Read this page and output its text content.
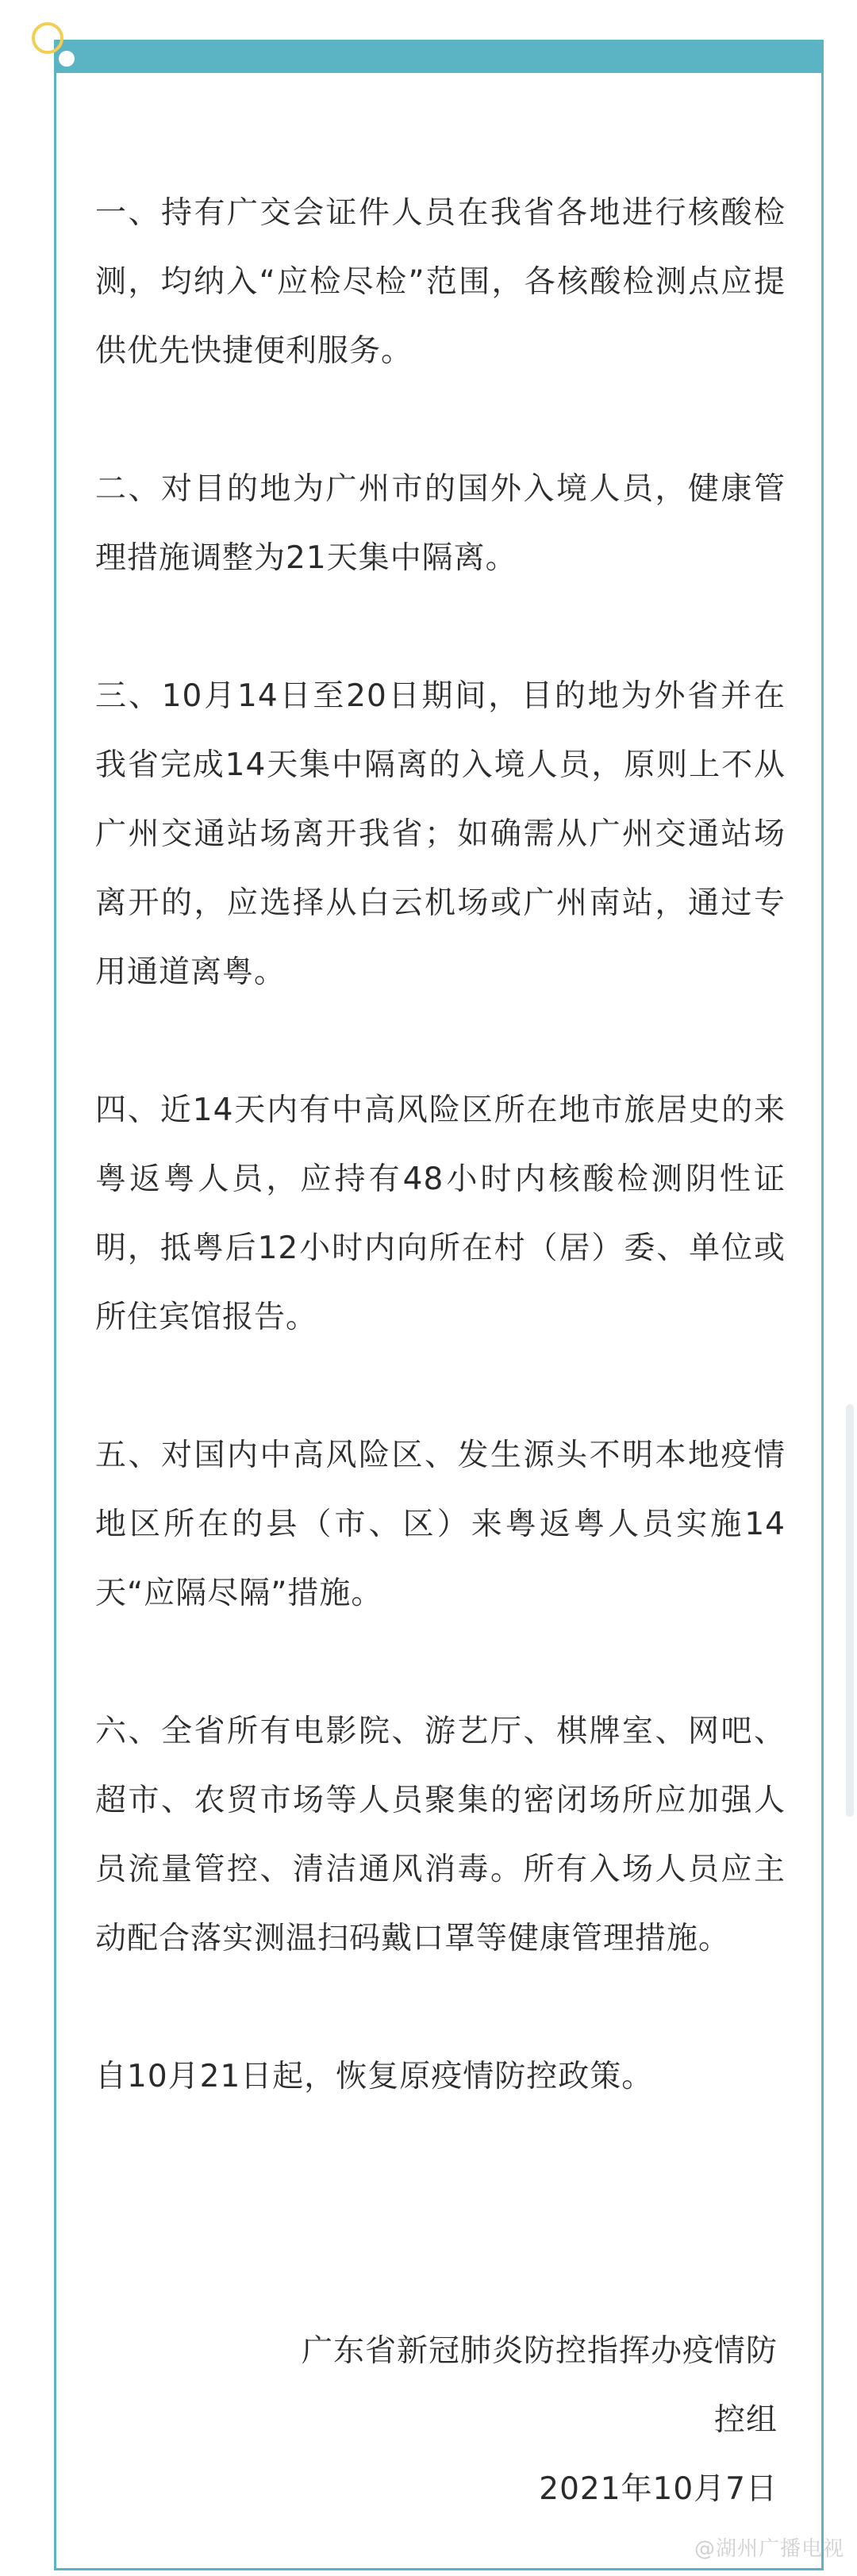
一、持有广交会证件人员在我省各地进行核酸检测，均纳入“应检尽检”范围，各核酸检测点应提供优先快捷便利服务。

二、对目的地为广州市的国外入境人员，健康管理措施调整为21天集中隔离。

三、10月14日至20日期间，目的地为外省并在我省完成14天集中隔离的入境人员，原则上不从广州交通站场离开我省；如确需从广州交通站场离开的，应选择从白云机场或广州南站，通过专用通道离粤。

四、近14天内有中高风险区所在地市旅居史的来粤返粤人员，应持有48小时内核酸检测阴性证明，抵粤后12小时内向所在村（居）委、单位或所住宾馆报告。

五、对国内中高风险区、发生源头不明本地疫情地区所在的县（市、区）来粤返粤人员实施14天“应隔尽隔”措施。

六、全省所有电影院、游艺厅、棋牌室、网吧、超市、农贸市场等人员聚集的密闭场所应加强人员流量管控、清洁通风消毒。所有入场人员应主动配合落实测温扫码戴口罩等健康管理措施。

自10月21日起，恢复原疫情防控政策。

广东省新冠肺炎防控指挥办疫情防
控组
2021年10月7日
@湖州广播电视
